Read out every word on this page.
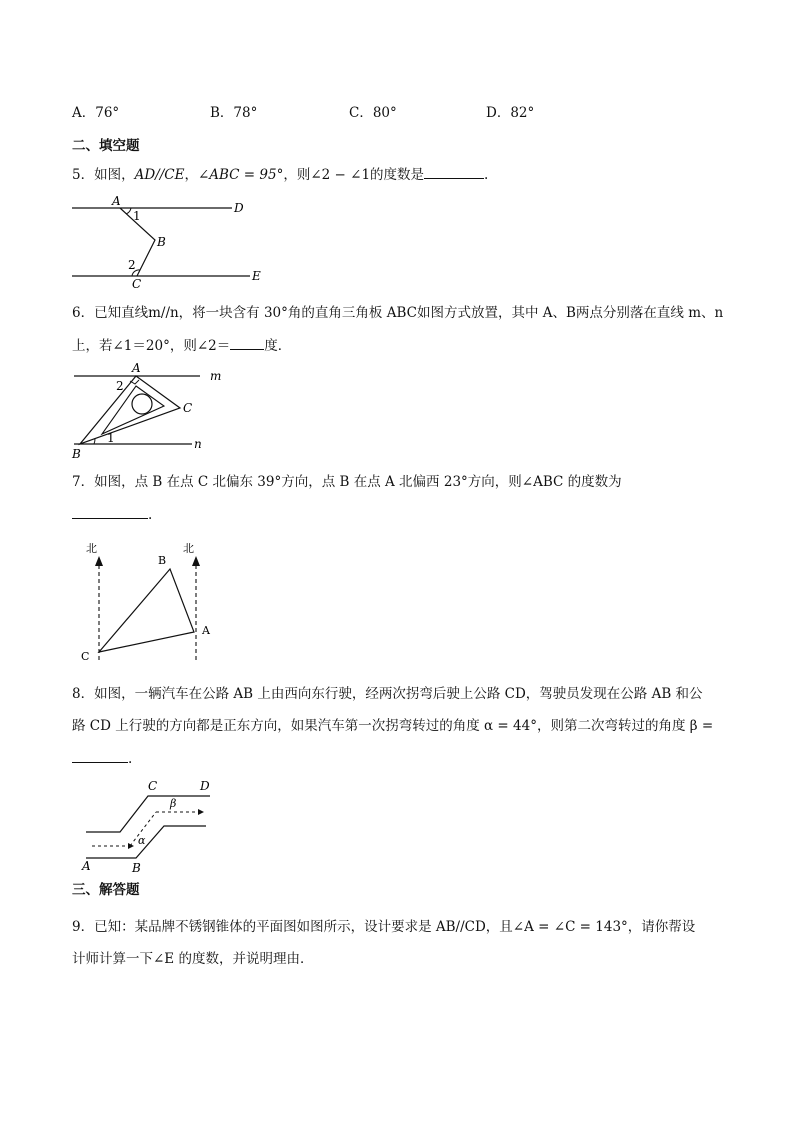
A．76°	B．78°	C．80°	D．82°
二、填空题
5．如图，AD//CE，∠ABC = 95°，则∠2 − ∠1的度数是	.
A	D
1
B
2
C
E
6．已知直线m//n，将一块含有 30°角的直角三角板 ABC如图方式放置，其中 A、B两点分别落在直线 m、n
上，若∠1＝20°，则∠2＝	度．
A
m
2
C
B
1	n
7．如图，点 B 在点 C 北偏东 39°方向，点 B 在点 A 北偏西 23°方向，则∠ABC 的度数为
.
北	北
B
A
C
8．如图，一辆汽车在公路 AB 上由西向东行驶，经两次拐弯后驶上公路 CD，驾驶员发现在公路 AB 和公
路 CD 上行驶的方向都是正东方向，如果汽车第一次拐弯转过的角度 α = 44°，则第二次弯转过的角度 β =
.
C	D
β
α
A	B
三、解答题
9．已知：某品牌不锈钢锥体的平面图如图所示，设计要求是 AB//CD，且∠A = ∠C = 143°，请你帮设
计师计算一下∠E 的度数，并说明理由．
